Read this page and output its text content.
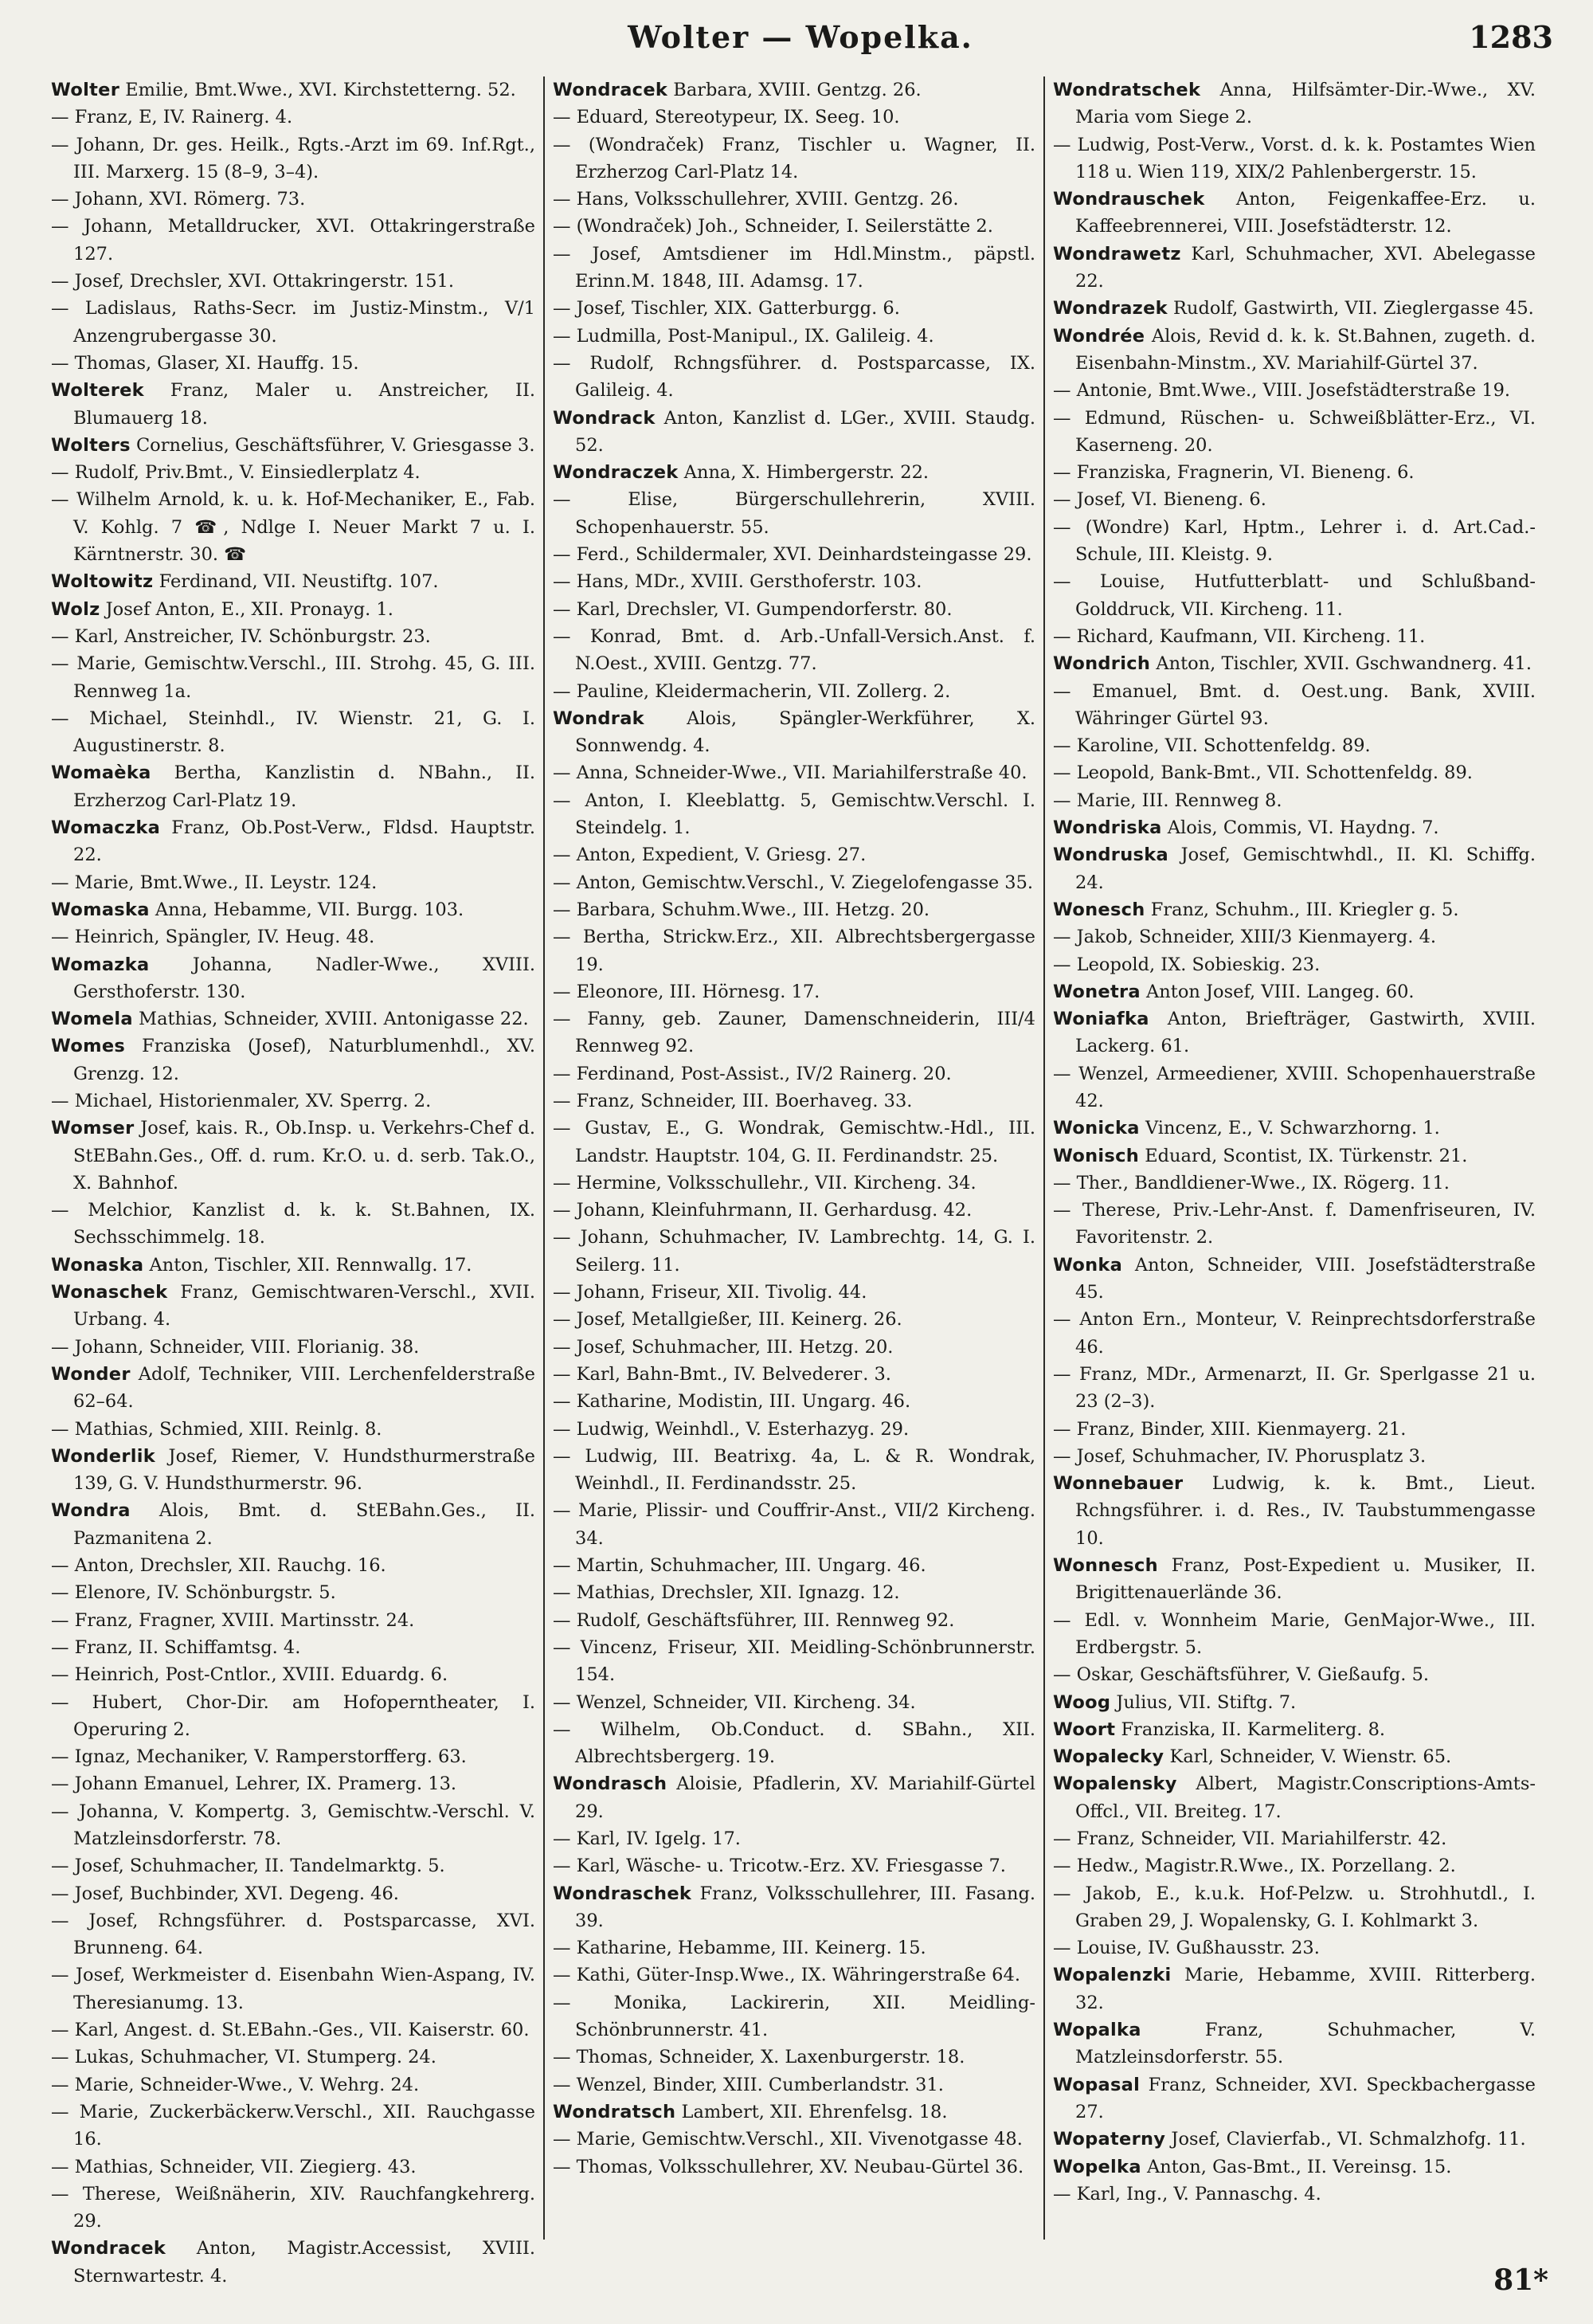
Wolter — Wopelka.	1283
Wolter Emilie, Bmt.Wwe., XVI. Kirchstetterng. 52.
— Franz, E, IV. Rainerg. 4.
— Johann, Dr. ges. Heilk., Rgts.-Arzt im 69. Inf.Rgt., III. Marxerg. 15 (8–9, 3–4).
— Johann, XVI. Römerg. 73.
— Johann, Metalldrucker, XVI. Ottakringerstraße 127.
— Josef, Drechsler, XVI. Ottakringerstr. 151.
— Ladislaus, Raths-Secr. im Justiz-Minstm., V/1 Anzengrubergasse 30.
— Thomas, Glaser, XI. Hauffg. 15.
Wolterek Franz, Maler u. Anstreicher, II. Blumauerg 18.
Wolters Cornelius, Geschäftsführer, V. Griesgasse 3.
— Rudolf, Priv.Bmt., V. Einsiedlerplatz 4.
— Wilhelm Arnold, k. u. k. Hof-Mechaniker, E., Fab. V. Kohlg. 7 ☎, Ndlge I. Neuer Markt 7 u. I. Kärntnerstr. 30. ☎
Woltowitz Ferdinand, VII. Neustiftg. 107.
Wolz Josef Anton, E., XII. Pronayg. 1.
— Karl, Anstreicher, IV. Schönburgstr. 23.
— Marie, Gemischtw.Verschl., III. Strohg. 45, G. III. Rennweg 1a.
— Michael, Steinhdl., IV. Wienstr. 21, G. I. Augustinerstr. 8.
Womaèka Bertha, Kanzlistin d. NBahn., II. Erzherzog Carl-Platz 19.
Womaczka Franz, Ob.Post-Verw., Fldsd. Hauptstr. 22.
— Marie, Bmt.Wwe., II. Leystr. 124.
Womaska Anna, Hebamme, VII. Burgg. 103.
— Heinrich, Spängler, IV. Heug. 48.
Womazka Johanna, Nadler-Wwe., XVIII. Gersthoferstr. 130.
Womela Mathias, Schneider, XVIII. Antonigasse 22.
Womes Franziska (Josef), Naturblumenhdl., XV. Grenzg. 12.
— Michael, Historienmaler, XV. Sperrg. 2.
Womser Josef, kais. R., Ob.Insp. u. Verkehrs-Chef d. StEBahn.Ges., Off. d. rum. Kr.O. u. d. serb. Tak.O., X. Bahnhof.
— Melchior, Kanzlist d. k. k. St.Bahnen, IX. Sechsschimmelg. 18.
Wonaska Anton, Tischler, XII. Rennwallg. 17.
Wonaschek Franz, Gemischtwaren-Verschl., XVII. Urbang. 4.
— Johann, Schneider, VIII. Florianig. 38.
Wonder Adolf, Techniker, VIII. Lerchenfelderstraße 62–64.
— Mathias, Schmied, XIII. Reinlg. 8.
Wonderlik Josef, Riemer, V. Hundsthurmerstraße 139, G. V. Hundsthurmerstr. 96.
Wondra Alois, Bmt. d. StEBahn.Ges., II. Pazmanitena 2.
— Anton, Drechsler, XII. Rauchg. 16.
— Elenore, IV. Schönburgstr. 5.
— Franz, Fragner, XVIII. Martinsstr. 24.
— Franz, II. Schiffamtsg. 4.
— Heinrich, Post-Cntlor., XVIII. Eduardg. 6.
— Hubert, Chor-Dir. am Hofoperntheater, I. Operuring 2.
— Ignaz, Mechaniker, V. Ramperstorfferg. 63.
— Johann Emanuel, Lehrer, IX. Pramerg. 13.
— Johanna, V. Kompertg. 3, Gemischtw.-Verschl. V. Matzleinsdorferstr. 78.
— Josef, Schuhmacher, II. Tandelmarktg. 5.
— Josef, Buchbinder, XVI. Degeng. 46.
— Josef, Rchngsführer. d. Postsparcasse, XVI. Brunneng. 64.
— Josef, Werkmeister d. Eisenbahn Wien-Aspang, IV. Theresianumg. 13.
— Karl, Angest. d. St.EBahn.-Ges., VII. Kaiserstr. 60.
— Lukas, Schuhmacher, VI. Stumperg. 24.
— Marie, Schneider-Wwe., V. Wehrg. 24.
— Marie, Zuckerbäckerw.Verschl., XII. Rauchgasse 16.
— Mathias, Schneider, VII. Ziegierg. 43.
— Therese, Weißnäherin, XIV. Rauchfangkehrerg. 29.
Wondracek Anton, Magistr.Accessist, XVIII. Sternwartestr. 4.
Wondracek Barbara, XVIII. Gentzg. 26.
— Eduard, Stereotypeur, IX. Seeg. 10.
— (Wondraček) Franz, Tischler u. Wagner, II. Erzherzog Carl-Platz 14.
— Hans, Volksschullehrer, XVIII. Gentzg. 26.
— (Wondraček) Joh., Schneider, I. Seilerstätte 2.
— Josef, Amtsdiener im Hdl.Minstm., päpstl. Erinn.M. 1848, III. Adamsg. 17.
— Josef, Tischler, XIX. Gatterburgg. 6.
— Ludmilla, Post-Manipul., IX. Galileig. 4.
— Rudolf, Rchngsführer. d. Postsparcasse, IX. Galileig. 4.
Wondrack Anton, Kanzlist d. LGer., XVIII. Staudg. 52.
Wondraczek Anna, X. Himbergerstr. 22.
— Elise, Bürgerschullehrerin, XVIII. Schopenhauerstr. 55.
— Ferd., Schildermaler, XVI. Deinhardsteingasse 29.
— Hans, MDr., XVIII. Gersthoferstr. 103.
— Karl, Drechsler, VI. Gumpendorferstr. 80.
— Konrad, Bmt. d. Arb.-Unfall-Versich.Anst. f. N.Oest., XVIII. Gentzg. 77.
— Pauline, Kleidermacherin, VII. Zollerg. 2.
Wondrak Alois, Spängler-Werkführer, X. Sonnwendg. 4.
— Anna, Schneider-Wwe., VII. Mariahilferstraße 40.
— Anton, I. Kleeblattg. 5, Gemischtw.Verschl. I. Steindelg. 1.
— Anton, Expedient, V. Griesg. 27.
— Anton, Gemischtw.Verschl., V. Ziegelofengasse 35.
— Barbara, Schuhm.Wwe., III. Hetzg. 20.
— Bertha, Strickw.Erz., XII. Albrechtsbergergasse 19.
— Eleonore, III. Hörnesg. 17.
— Fanny, geb. Zauner, Damenschneiderin, III/4 Rennweg 92.
— Ferdinand, Post-Assist., IV/2 Rainerg. 20.
— Franz, Schneider, III. Boerhaveg. 33.
— Gustav, E., G. Wondrak, Gemischtw.-Hdl., III. Landstr. Hauptstr. 104, G. II. Ferdinandstr. 25.
— Hermine, Volksschullehr., VII. Kircheng. 34.
— Johann, Kleinfuhrmann, II. Gerhardusg. 42.
— Johann, Schuhmacher, IV. Lambrechtg. 14, G. I. Seilerg. 11.
— Johann, Friseur, XII. Tivolig. 44.
— Josef, Metallgießer, III. Keinerg. 26.
— Josef, Schuhmacher, III. Hetzg. 20.
— Karl, Bahn-Bmt., IV. Belvederег. 3.
— Katharine, Modistin, III. Ungarg. 46.
— Ludwig, Weinhdl., V. Esterhazyg. 29.
— Ludwig, III. Beatrixg. 4a, L. & R. Wondrak, Weinhdl., II. Ferdinandsstr. 25.
— Marie, Plissir- und Couffrir-Anst., VII/2 Kircheng. 34.
— Martin, Schuhmacher, III. Ungarg. 46.
— Mathias, Drechsler, XII. Ignazg. 12.
— Rudolf, Geschäftsführer, III. Rennweg 92.
— Vincenz, Friseur, XII. Meidling-Schönbrunnerstr. 154.
— Wenzel, Schneider, VII. Kircheng. 34.
— Wilhelm, Ob.Conduct. d. SBahn., XII. Albrechtsbergerg. 19.
Wondrasch Aloisie, Pfadlerin, XV. Mariahilf-Gürtel 29.
— Karl, IV. Igelg. 17.
— Karl, Wäsche- u. Tricotw.-Erz. XV. Friesgasse 7.
Wondraschek Franz, Volksschullehrer, III. Fasang. 39.
— Katharine, Hebamme, III. Keinerg. 15.
— Kathi, Güter-Insp.Wwe., IX. Währingerstraße 64.
— Monika, Lackirerin, XII. Meidling-Schönbrunnerstr. 41.
— Thomas, Schneider, X. Laxenburgerstr. 18.
— Wenzel, Binder, XIII. Cumberlandstr. 31.
Wondratsch Lambert, XII. Ehrenfelsg. 18.
— Marie, Gemischtw.Verschl., XII. Vivenotgasse 48.
— Thomas, Volksschullehrer, XV. Neubau-Gürtel 36.
Wondratschek Anna, Hilfsämter-Dir.-Wwe., XV. Maria vom Siege 2.
— Ludwig, Post-Verw., Vorst. d. k. k. Postamtes Wien 118 u. Wien 119, XIX/2 Pahlenbergerstr. 15.
Wondrauschek Anton, Feigenkaffee-Erz. u. Kaffeebrennerei, VIII. Josefstädterstr. 12.
Wondrawetz Karl, Schuhmacher, XVI. Abelegasse 22.
Wondrazek Rudolf, Gastwirth, VII. Zieglergasse 45.
Wondrée Alois, Revid d. k. k. St.Bahnen, zugeth. d. Eisenbahn-Minstm., XV. Mariahilf-Gürtel 37.
— Antonie, Bmt.Wwe., VIII. Josefstädterstraße 19.
— Edmund, Rüschen- u. Schweißblätter-Erz., VI. Kaserneng. 20.
— Franziska, Fragnerin, VI. Bieneng. 6.
— Josef, VI. Bieneng. 6.
— (Wondre) Karl, Hptm., Lehrer i. d. Art.Cad.-Schule, III. Kleistg. 9.
— Louise, Hutfutterblatt- und Schlußband-Golddruck, VII. Kircheng. 11.
— Richard, Kaufmann, VII. Kircheng. 11.
Wondrich Anton, Tischler, XVII. Gschwandnerg. 41.
— Emanuel, Bmt. d. Oest.ung. Bank, XVIII. Währinger Gürtel 93.
— Karoline, VII. Schottenfeldg. 89.
— Leopold, Bank-Bmt., VII. Schottenfeldg. 89.
— Marie, III. Rennweg 8.
Wondriska Alois, Commis, VI. Haydng. 7.
Wondruska Josef, Gemischtwhdl., II. Kl. Schiffg. 24.
Wonesch Franz, Schuhm., III. Kriegler g. 5.
— Jakob, Schneider, XIII/3 Kienmayerg. 4.
— Leopold, IX. Sobieskig. 23.
Wonetra Anton Josef, VIII. Langeg. 60.
Woniafka Anton, Briefträger, Gastwirth, XVIII. Lackerg. 61.
— Wenzel, Armeediener, XVIII. Schopenhauerstraße 42.
Wonicka Vincenz, E., V. Schwarzhorng. 1.
Wonisch Eduard, Scontist, IX. Türkenstr. 21.
— Ther., Bandldiener-Wwe., IX. Rögerg. 11.
— Therese, Priv.-Lehr-Anst. f. Damenfriseuren, IV. Favoritenstr. 2.
Wonka Anton, Schneider, VIII. Josefstädterstraße 45.
— Anton Ern., Monteur, V. Reinprechtsdorferstraße 46.
— Franz, MDr., Armenarzt, II. Gr. Sperlgasse 21 u. 23 (2–3).
— Franz, Binder, XIII. Kienmayerg. 21.
— Josef, Schuhmacher, IV. Phorusplatz 3.
Wonnebauer Ludwig, k. k. Bmt., Lieut. Rchngsführer. i. d. Res., IV. Taubstummengasse 10.
Wonnesch Franz, Post-Expedient u. Musiker, II. Brigittenauerlände 36.
— Edl. v. Wonnheim Marie, GenMajor-Wwe., III. Erdbergstr. 5.
— Oskar, Geschäftsführer, V. Gießaufg. 5.
Woog Julius, VII. Stiftg. 7.
Woort Franziska, II. Karmeliterg. 8.
Wopalecky Karl, Schneider, V. Wienstr. 65.
Wopalensky Albert, Magistr.Conscriptions-Amts-Offcl., VII. Breiteg. 17.
— Franz, Schneider, VII. Mariahilferstr. 42.
— Hedw., Magistr.R.Wwe., IX. Porzellang. 2.
— Jakob, E., k.u.k. Hof-Pelzw. u. Strohhutdl., I. Graben 29, J. Wopalensky, G. I. Kohlmarkt 3.
— Louise, IV. Gußhausstr. 23.
Wopalenzki Marie, Hebamme, XVIII. Ritterberg. 32.
Wopalka Franz, Schuhmacher, V. Matzleinsdorferstr. 55.
Wopasal Franz, Schneider, XVI. Speckbachergasse 27.
Wopaterny Josef, Clavierfab., VI. Schmalzhofg. 11.
Wopelka Anton, Gas-Bmt., II. Vereinsg. 15.
— Karl, Ing., V. Pannaschg. 4.
81*
